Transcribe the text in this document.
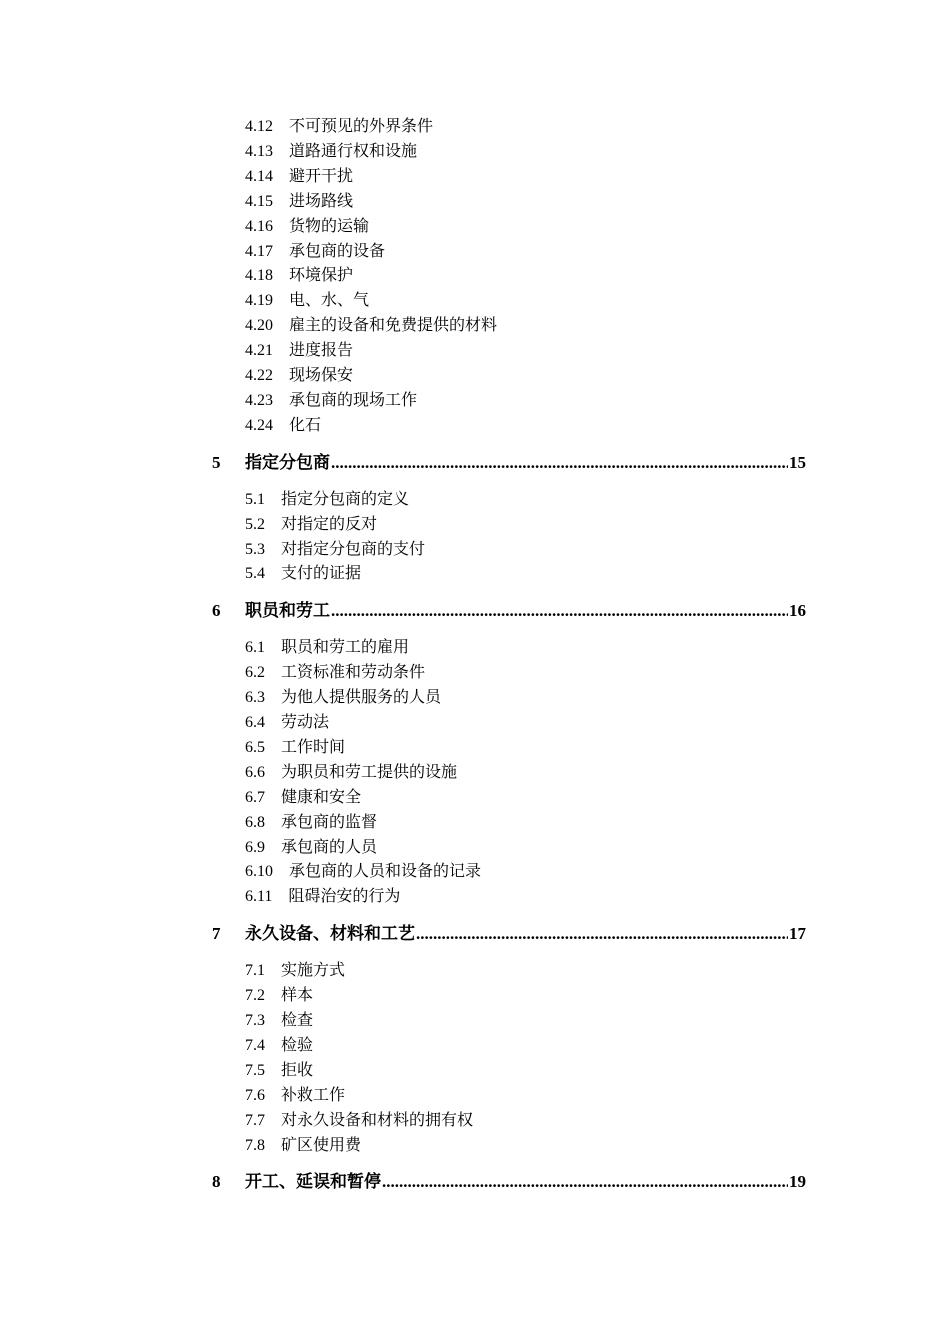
4.12 不可预见的外界条件
4.13 道路通行权和设施
4.14 避开干扰
4.15 进场路线
4.16 货物的运输
4.17 承包商的设备
4.18 环境保护
4.19 电、水、气
4.20 雇主的设备和免费提供的材料
4.21 进度报告
4.22 现场保安
4.23 承包商的现场工作
4.24 化石
5	指定分包商 .....	15
5.1 指定分包商的定义
5.2 对指定的反对
5.3 对指定分包商的支付
5.4 支付的证据
6	职员和劳工 .....	16
6.1 职员和劳工的雇用
6.2 工资标准和劳动条件
6.3 为他人提供服务的人员
6.4 劳动法
6.5 工作时间
6.6 为职员和劳工提供的设施
6.7 健康和安全
6.8 承包商的监督
6.9 承包商的人员
6.10 承包商的人员和设备的记录
6.11 阻碍治安的行为
7	永久设备、材料和工艺 .....	17
7.1 实施方式
7.2 样本
7.3 检查
7.4 检验
7.5 拒收
7.6 补救工作
7.7 对永久设备和材料的拥有权
7.8 矿区使用费
8	开工、延误和暂停 .....	19
